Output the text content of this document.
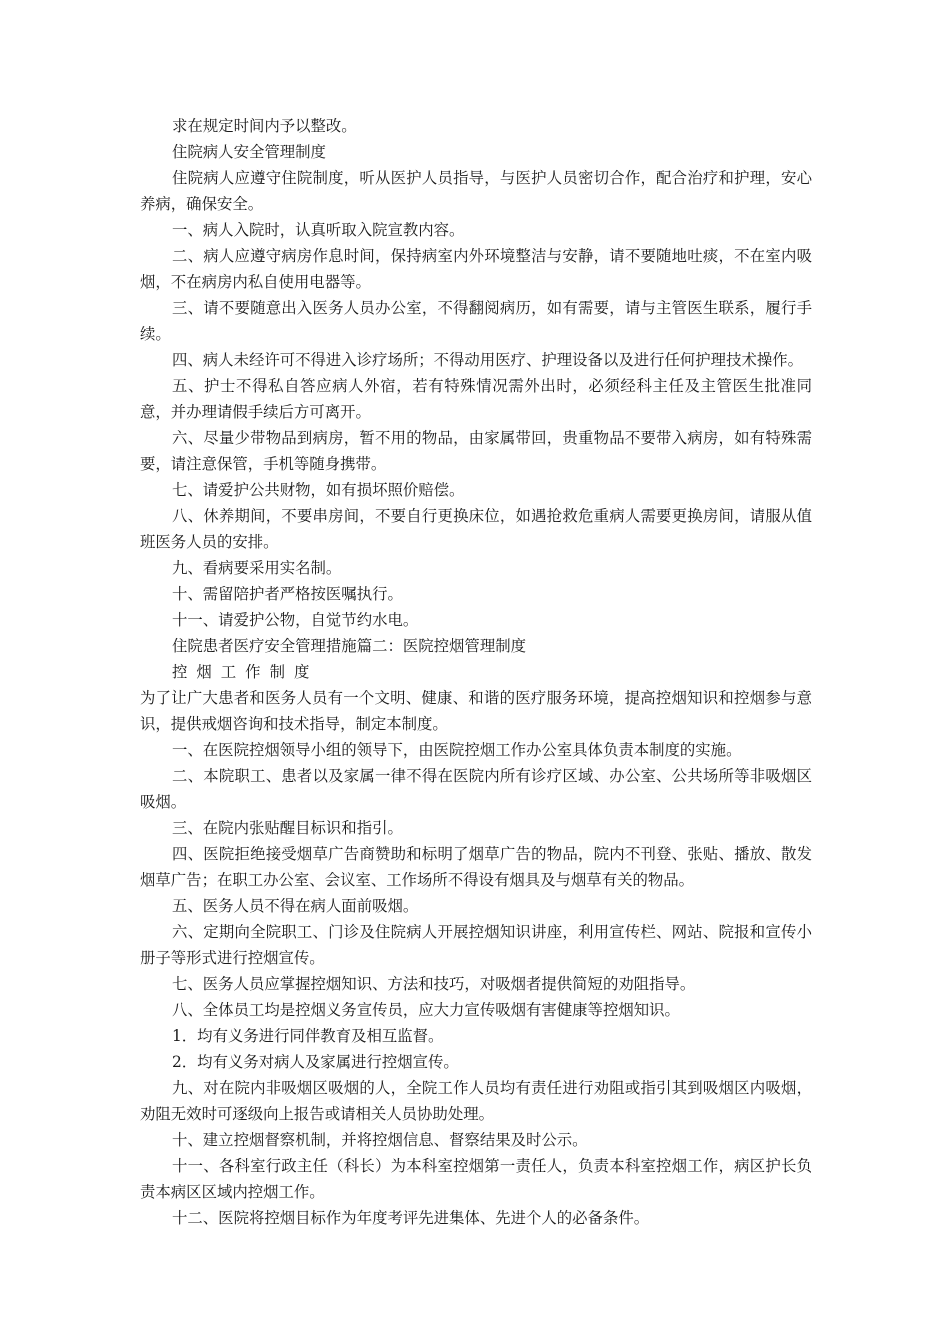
求在规定时间内予以整改。

住院病人安全管理制度

住院病人应遵守住院制度，听从医护人员指导，与医护人员密切合作，配合治疗和护理，安心养病，确保安全。

一、病人入院时，认真听取入院宣教内容。

二、病人应遵守病房作息时间，保持病室内外环境整洁与安静，请不要随地吐痰，不在室内吸烟，不在病房内私自使用电器等。

三、请不要随意出入医务人员办公室，不得翻阅病历，如有需要，请与主管医生联系，履行手续。

四、病人未经许可不得进入诊疗场所；不得动用医疗、护理设备以及进行任何护理技术操作。

五、护士不得私自答应病人外宿，若有特殊情况需外出时，必须经科主任及主管医生批准同意，并办理请假手续后方可离开。

六、尽量少带物品到病房，暂不用的物品，由家属带回，贵重物品不要带入病房，如有特殊需要，请注意保管，手机等随身携带。

七、请爱护公共财物，如有损坏照价赔偿。

八、休养期间，不要串房间，不要自行更换床位，如遇抢救危重病人需要更换房间，请服从值班医务人员的安排。

九、看病要采用实名制。

十、需留陪护者严格按医嘱执行。

十一、请爱护公物，自觉节约水电。

住院患者医疗安全管理措施篇二：医院控烟管理制度

控烟工作制度

为了让广大患者和医务人员有一个文明、健康、和谐的医疗服务环境，提高控烟知识和控烟参与意识，提供戒烟咨询和技术指导，制定本制度。

一、在医院控烟领导小组的领导下，由医院控烟工作办公室具体负责本制度的实施。

二、本院职工、患者以及家属一律不得在医院内所有诊疗区域、办公室、公共场所等非吸烟区吸烟。

三、在院内张贴醒目标识和指引。

四、医院拒绝接受烟草广告商赞助和标明了烟草广告的物品，院内不刊登、张贴、播放、散发烟草广告；在职工办公室、会议室、工作场所不得设有烟具及与烟草有关的物品。

五、医务人员不得在病人面前吸烟。

六、定期向全院职工、门诊及住院病人开展控烟知识讲座，利用宣传栏、网站、院报和宣传小册子等形式进行控烟宣传。

七、医务人员应掌握控烟知识、方法和技巧，对吸烟者提供简短的劝阻指导。

八、全体员工均是控烟义务宣传员，应大力宣传吸烟有害健康等控烟知识。

1．均有义务进行同伴教育及相互监督。

2．均有义务对病人及家属进行控烟宣传。

九、对在院内非吸烟区吸烟的人，全院工作人员均有责任进行劝阻或指引其到吸烟区内吸烟，劝阻无效时可逐级向上报告或请相关人员协助处理。

十、建立控烟督察机制，并将控烟信息、督察结果及时公示。

十一、各科室行政主任（科长）为本科室控烟第一责任人，负责本科室控烟工作，病区护长负责本病区区域内控烟工作。

十二、医院将控烟目标作为年度考评先进集体、先进个人的必备条件。
